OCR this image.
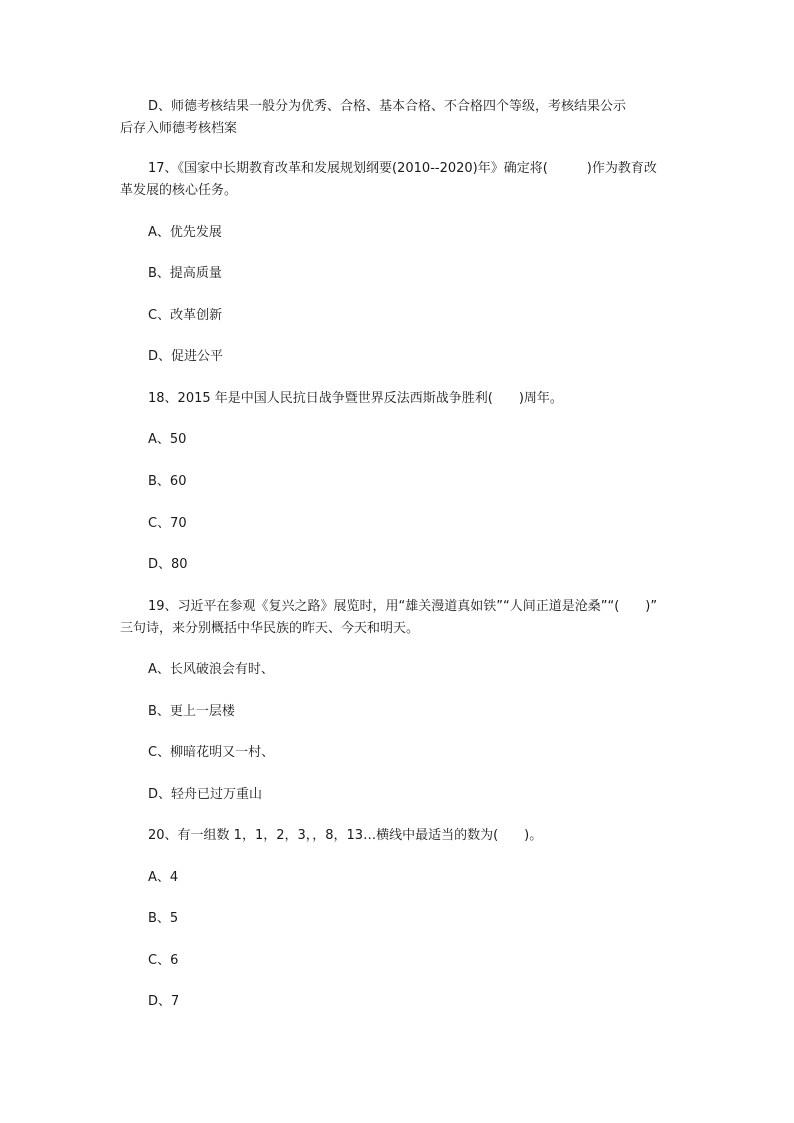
D、师德考核结果一般分为优秀、合格、基本合格、不合格四个等级，考核结果公示
后存入师德考核档案
17、《国家中长期教育改革和发展规划纲要(2010--2020)年》确定将(　　　)作为教育改
革发展的核心任务。
A、优先发展
B、提高质量
C、改革创新
D、促进公平
18、2015 年是中国人民抗日战争暨世界反法西斯战争胜利(　　)周年。
A、50
B、60
C、70
D、80
19、习近平在参观《复兴之路》展览时，用“雄关漫道真如铁”“人间正道是沧桑”“(　　)”
三句诗，来分别概括中华民族的昨天、今天和明天。
A、长风破浪会有时、
B、更上一层楼
C、柳暗花明又一村、
D、轻舟已过万重山
20、有一组数 1，1，2，3，，8，13…横线中最适当的数为(　　)。
A、4
B、5
C、6
D、7
